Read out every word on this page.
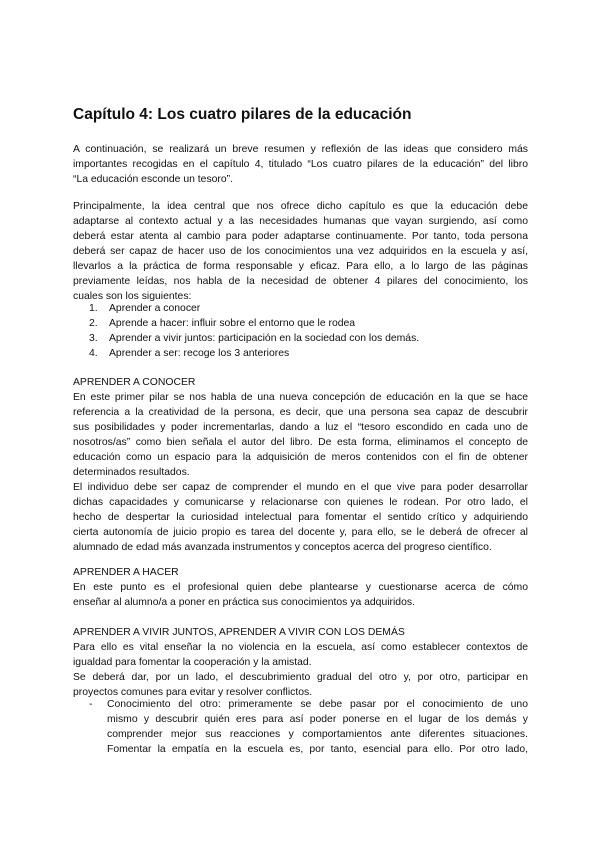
Capítulo 4: Los cuatro pilares de la educación
A continuación, se realizará un breve resumen y reflexión de las ideas que considero más
importantes recogidas en el capítulo 4, titulado “Los cuatro pilares de la educación” del libro
“La educación esconde un tesoro”.
Principalmente, la idea central que nos ofrece dicho capítulo es que la educación debe
adaptarse al contexto actual y a las necesidades humanas que vayan surgiendo, así como
deberá estar atenta al cambio para poder adaptarse continuamente. Por tanto, toda persona
deberá ser capaz de hacer uso de los conocimientos una vez adquiridos en la escuela y así,
llevarlos a la práctica de forma responsable y eficaz. Para ello, a lo largo de las páginas
previamente leídas, nos habla de la necesidad de obtener 4 pilares del conocimiento, los
cuales son los siguientes:
1. Aprender a conocer
2. Aprende a hacer: influir sobre el entorno que le rodea
3. Aprender a vivir juntos: participación en la sociedad con los demás.
4. Aprender a ser: recoge los 3 anteriores
APRENDER A CONOCER
En este primer pilar se nos habla de una nueva concepción de educación en la que se hace
referencia a la creatividad de la persona, es decir, que una persona sea capaz de descubrir
sus posibilidades y poder incrementarlas, dando a luz el “tesoro escondido en cada uno de
nosotros/as” como bien señala el autor del libro. De esta forma, eliminamos el concepto de
educación como un espacio para la adquisición de meros contenidos con el fin de obtener
determinados resultados.
El individuo debe ser capaz de comprender el mundo en el que vive para poder desarrollar
dichas capacidades y comunicarse y relacionarse con quienes le rodean. Por otro lado, el
hecho de despertar la curiosidad intelectual para fomentar el sentido crítico y adquiriendo
cierta autonomía de juicio propio es tarea del docente y, para ello, se le deberá de ofrecer al
alumnado de edad más avanzada instrumentos y conceptos acerca del progreso científico.
APRENDER A HACER
En este punto es el profesional quien debe plantearse y cuestionarse acerca de cómo
enseñar al alumno/a a poner en práctica sus conocimientos ya adquiridos.
APRENDER A VIVIR JUNTOS, APRENDER A VIVIR CON LOS DEMÁS
Para ello es vital enseñar la no violencia en la escuela, así como establecer contextos de
igualdad para fomentar la cooperación y la amistad.
Se deberá dar, por un lado, el descubrimiento gradual del otro y, por otro, participar en
proyectos comunes para evitar y resolver conflictos.
- Conocimiento del otro: primeramente se debe pasar por el conocimiento de uno
mismo y descubrir quién eres para así poder ponerse en el lugar de los demás y
comprender mejor sus reacciones y comportamientos ante diferentes situaciones.
Fomentar la empatía en la escuela es, por tanto, esencial para ello. Por otro lado,
